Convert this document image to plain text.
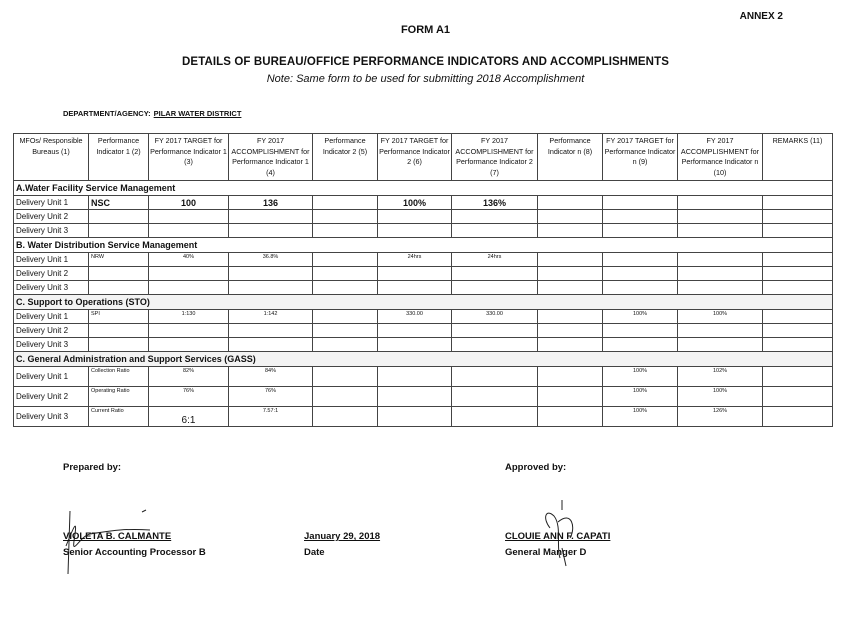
ANNEX 2
FORM A1
DETAILS OF BUREAU/OFFICE PERFORMANCE INDICATORS AND ACCOMPLISHMENTS
Note: Same form to be used for submitting 2018 Accomplishment
DEPARTMENT/AGENCY: PILAR WATER DISTRICT
MFOs/ Responsible Bureaus (1)	Performance Indicator 1 (2)	FY 2017 TARGET for Performance Indicator 1 (3)	FY 2017 ACCOMPLISHMENT for Performance Indicator 1 (4)	Performance Indicator 2 (5)	FY 2017 TARGET for Performance Indicator 2 (6)	FY 2017 ACCOMPLISHMENT for Performance Indicator 2 (7)	Performance Indicator n (8)	FY 2017 TARGET for Performance Indicator n (9)	FY 2017 ACCOMPLISHMENT for Performance Indicator n (10)	REMARKS (11)
A.Water Facility Service Management										
Delivery Unit 1	NSC	100	136		100%	136%				
Delivery Unit 2										
Delivery Unit 3										
B. Water Distribution Service Management										
Delivery Unit 1	NRW	40%	36.8%		24hrs	24hrs				
Delivery Unit 2										
Delivery Unit 3										
C. Support to Operations (STO)										
Delivery Unit 1	SPI	1:130	1:142		330.00	330.00		100%	100%	
Delivery Unit 2										
Delivery Unit 3										
C. General Administration and Support Services (GASS)										
Delivery Unit 1	Collection Ratio	82%	84%					100%	102%	
Delivery Unit 2	Operating Ratio	76%	76%					100%	100%	
Delivery Unit 3	Current Ratio	6:1	7.57:1					100%	126%	
Prepared by:	Approved by:
VIOLETA B. CALMANTE
Senior Accounting Processor B
January 29, 2018
Date
CLOUIE ANN F. CAPATI
General Manger D
